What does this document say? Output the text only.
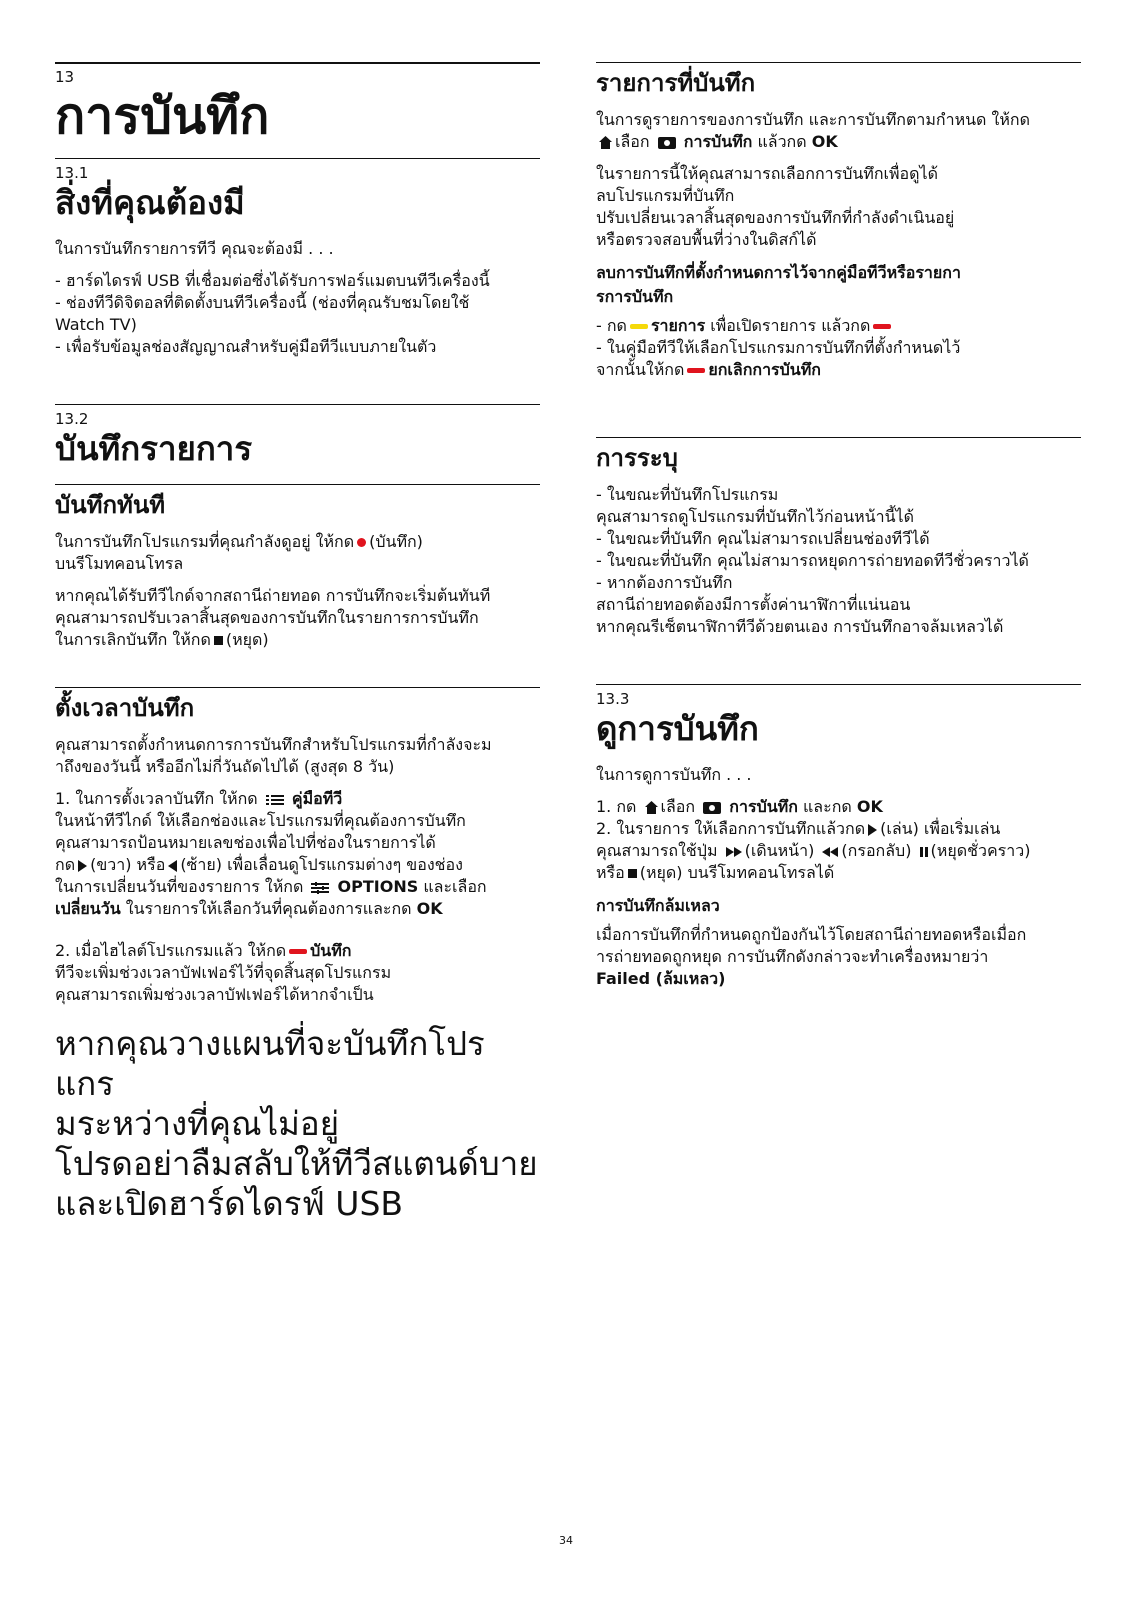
13
การบันทึก
13.1
สิ่งที่คุณต้องมี

ในการบันทึกรายการทีวี คุณจะต้องมี . . .

- ฮาร์ดไดรฟ์ USB ที่เชื่อมต่อซึ่งได้รับการฟอร์แมตบนทีวีเครื่องนี้
- ช่องทีวีดิจิตอลที่ติดตั้งบนทีวีเครื่องนี้ (ช่องที่คุณรับชมโดยใช้
Watch TV)
- เพื่อรับข้อมูลช่องสัญญาณสำหรับคู่มือทีวีแบบภายในตัว
13.2
บันทึกรายการ
บันทึกทันที

ในการบันทึกโปรแกรมที่คุณกำลังดูอยู่ ให้กด (บันทึก)
บนรีโมทคอนโทรล

หากคุณได้รับทีวีไกด์จากสถานีถ่ายทอด การบันทึกจะเริ่มต้นทันที
คุณสามารถปรับเวลาสิ้นสุดของการบันทึกในรายการการบันทึก
ในการเลิกบันทึก ให้กด (หยุด)

ตั้งเวลาบันทึก

คุณสามารถตั้งกำหนดการการบันทึกสำหรับโปรแกรมที่กำลังจะม
าถึงของวันนี้ หรืออีกไม่กี่วันถัดไปได้ (สูงสุด 8 วัน)

1. ในการตั้งเวลาบันทึก ให้กด คู่มือทีวี
ในหน้าทีวีไกด์ ให้เลือกช่องและโปรแกรมที่คุณต้องการบันทึก
คุณสามารถป้อนหมายเลขช่องเพื่อไปที่ช่องในรายการได้
กด (ขวา) หรือ (ซ้าย) เพื่อเลื่อนดูโปรแกรมต่างๆ ของช่อง
ในการเปลี่ยนวันที่ของรายการ ให้กด OPTIONS และเลือก
เปลี่ยนวัน ในรายการให้เลือกวันที่คุณต้องการและกด OK

2. เมื่อไฮไลต์โปรแกรมแล้ว ให้กด บันทึก
ทีวีจะเพิ่มช่วงเวลาบัฟเฟอร์ไว้ที่จุดสิ้นสุดโปรแกรม
คุณสามารถเพิ่มช่วงเวลาบัฟเฟอร์ได้หากจำเป็น

หากคุณวางแผนที่จะบันทึกโปรแกร
มระหว่างที่คุณไม่อยู่
โปรดอย่าลืมสลับให้ทีวีสแตนด์บาย
และเปิดฮาร์ดไดรฟ์ USB
รายการที่บันทึก

ในการดูรายการของการบันทึก และการบันทึกตามกำหนด ให้กด
เลือก การบันทึก แล้วกด OK

ในรายการนี้ให้คุณสามารถเลือกการบันทึกเพื่อดูได้
ลบโปรแกรมที่บันทึก
ปรับเปลี่ยนเวลาสิ้นสุดของการบันทึกที่กำลังดำเนินอยู่
หรือตรวจสอบพื้นที่ว่างในดิสก์ได้

ลบการบันทึกที่ตั้งกำหนดการไว้จากคู่มือทีวีหรือรายกา
รการบันทึก

- กด รายการ เพื่อเปิดรายการ แล้วกด
- ในคู่มือทีวีให้เลือกโปรแกรมการบันทึกที่ตั้งกำหนดไว้
จากนั้นให้กด ยกเลิกการบันทึก

การระบุ
- ในขณะที่บันทึกโปรแกรม
คุณสามารถดูโปรแกรมที่บันทึกไว้ก่อนหน้านี้ได้
- ในขณะที่บันทึก คุณไม่สามารถเปลี่ยนช่องทีวีได้
- ในขณะที่บันทึก คุณไม่สามารถหยุดการถ่ายทอดทีวีชั่วคราวได้
- หากต้องการบันทึก
สถานีถ่ายทอดต้องมีการตั้งค่านาฬิกาที่แน่นอน
หากคุณรีเซ็ตนาฬิกาทีวีด้วยตนเอง การบันทึกอาจล้มเหลวได้
13.3
ดูการบันทึก

ในการดูการบันทึก . . .

1. กด เลือก การบันทึก และกด OK
2. ในรายการ ให้เลือกการบันทึกแล้วกด (เล่น) เพื่อเริ่มเล่น
คุณสามารถใช้ปุ่ม (เดินหน้า) (กรอกลับ) (หยุดชั่วคราว)
หรือ (หยุด) บนรีโมทคอนโทรลได้

การบันทึกล้มเหลว

เมื่อการบันทึกที่กำหนดถูกป้องกันไว้โดยสถานีถ่ายทอดหรือเมื่อก
ารถ่ายทอดถูกหยุด การบันทึกดังกล่าวจะทำเครื่องหมายว่า
Failed (ล้มเหลว)

34
